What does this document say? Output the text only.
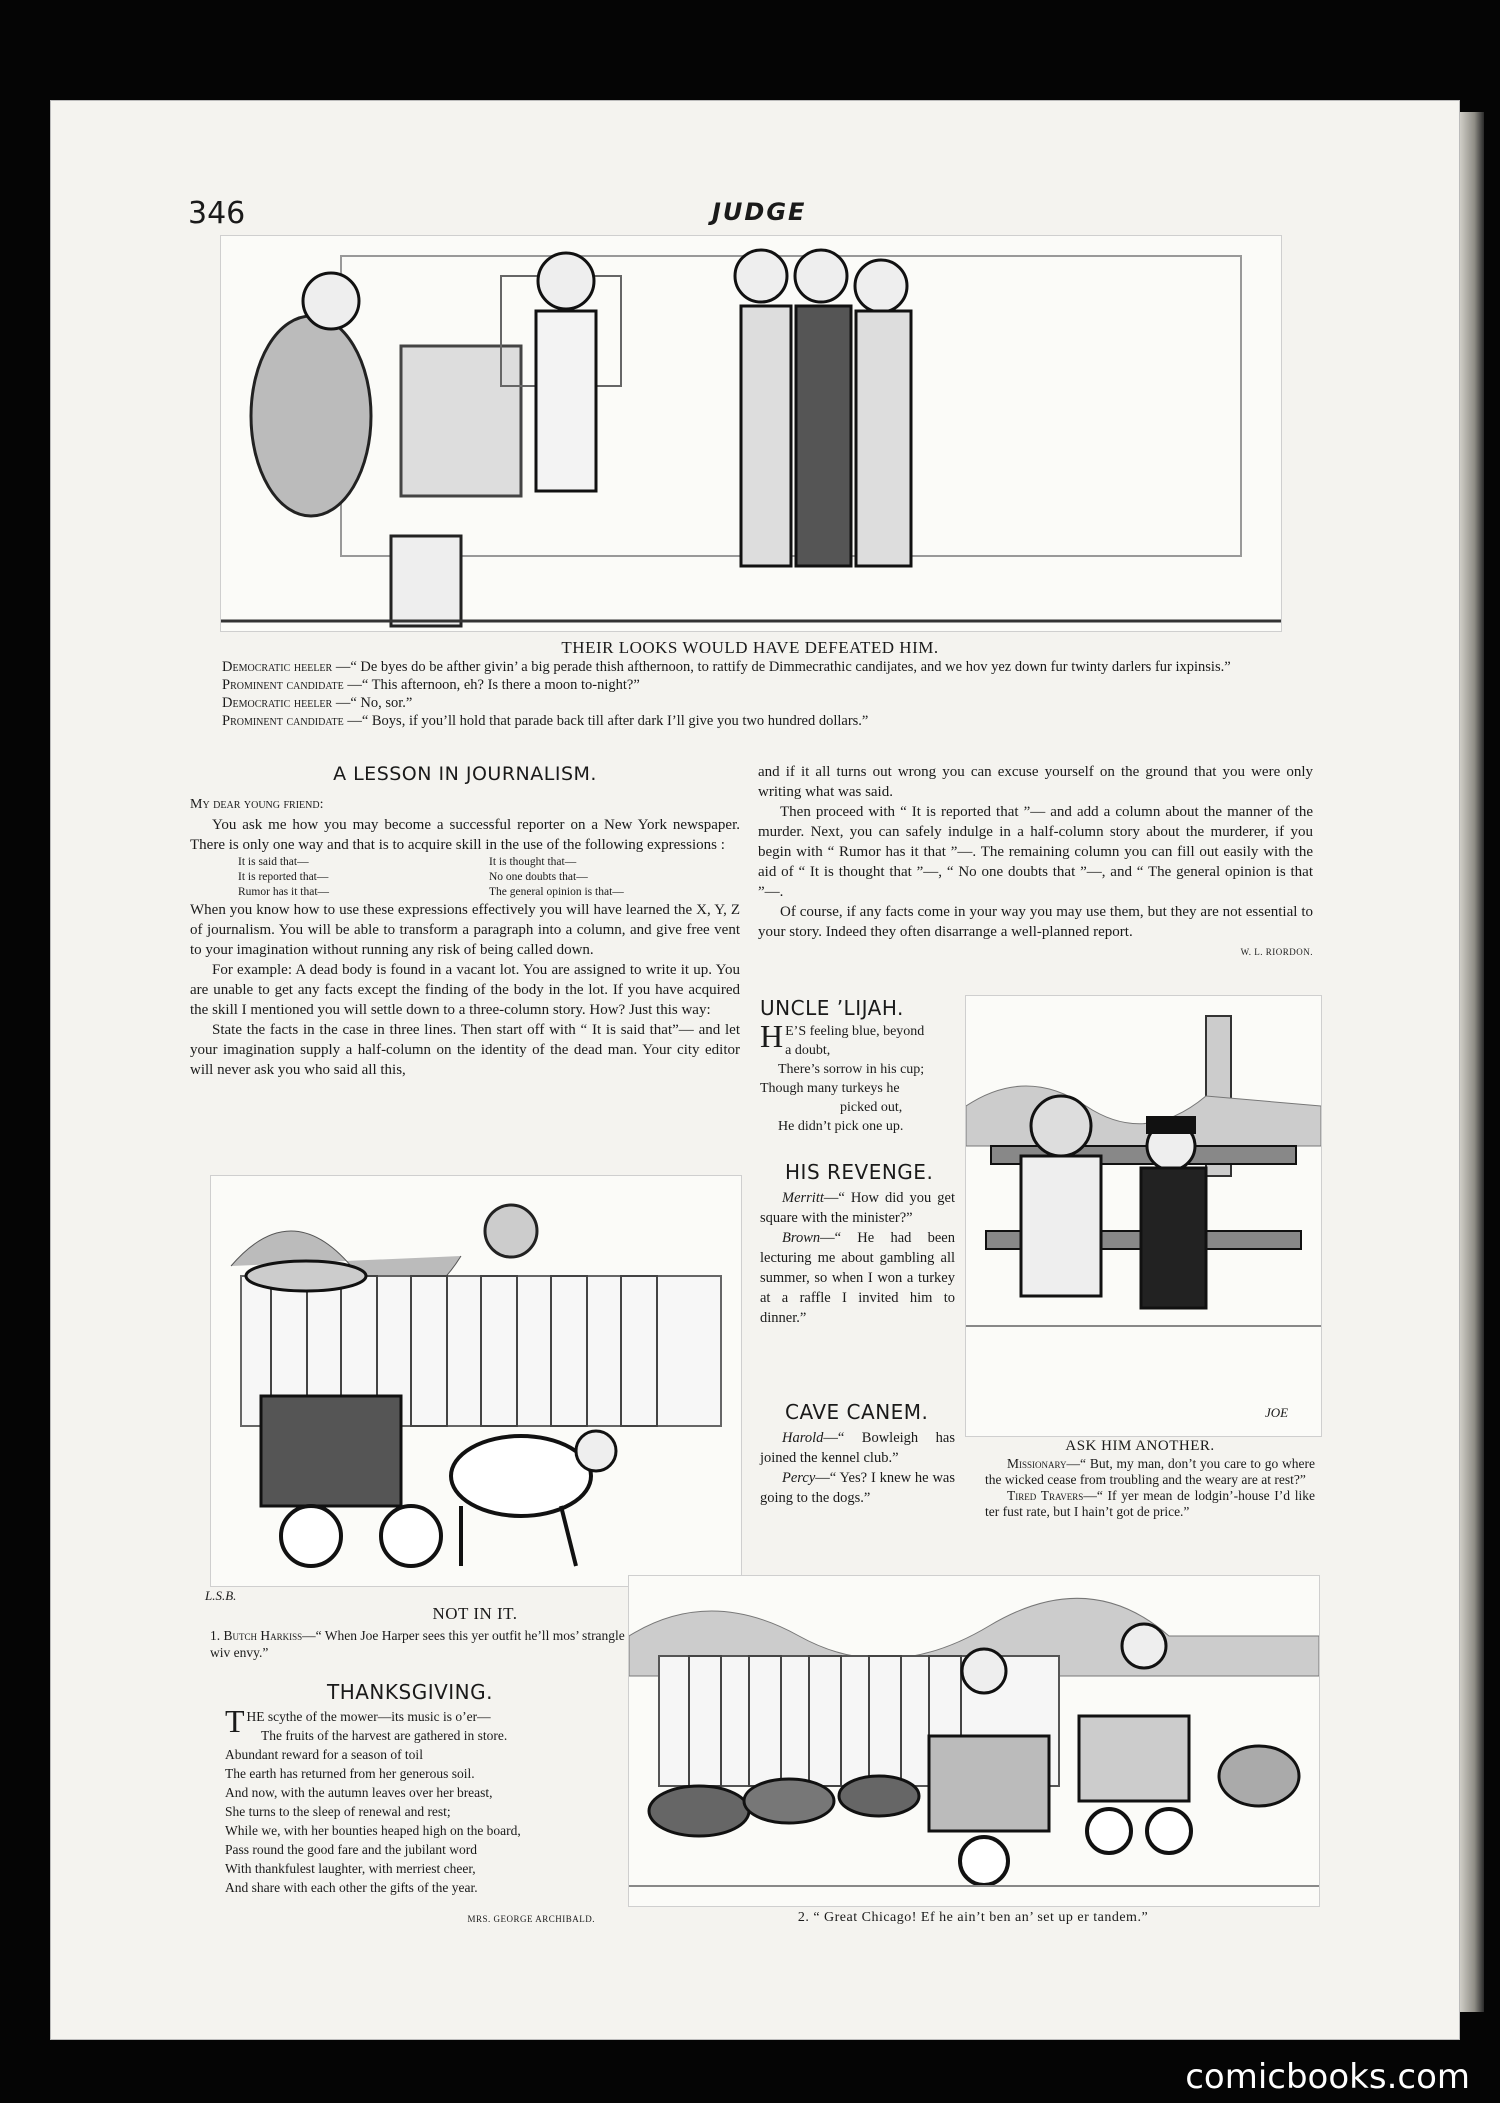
346	JUDGE
THEIR LOOKS WOULD HAVE DEFEATED HIM.

Democratic heeler —“ De byes do be afther givin’ a big perade thish afthernoon, to rattify de Dimmecrathic candijates, and we hov yez down fur twinty darlers fur ixpinsis.”

Prominent candidate —“ This afternoon, eh? Is there a moon to-night?”

Democratic heeler —“ No, sor.”

Prominent candidate —“ Boys, if you’ll hold that parade back till after dark I’ll give you two hundred dollars.”

A LESSON IN JOURNALISM.
My dear young friend:

You ask me how you may become a successful reporter on a New York newspaper. There is only one way and that is to acquire skill in the use of the following expressions :

It is said that—	It is thought that—
It is reported that—	No one doubts that—
Rumor has it that—	The general opinion is that—

When you know how to use these expressions effectively you will have learned the X, Y, Z of journalism. You will be able to transform a paragraph into a column, and give free vent to your imagination without running any risk of being called down.

For example: A dead body is found in a vacant lot. You are assigned to write it up. You are unable to get any facts except the finding of the body in the lot. If you have acquired the skill I mentioned you will settle down to a three-column story. How? Just this way:

State the facts in the case in three lines. Then start off with “ It is said that”— and let your imagination supply a half-column on the identity of the dead man. Your city editor will never ask you who said all this,

and if it all turns out wrong you can excuse yourself on the ground that you were only writing what was said.

Then proceed with “ It is reported that ”— and add a column about the manner of the murder. Next, you can safely indulge in a half-column story about the murderer, if you begin with “ Rumor has it that ”—. The remaining column you can fill out easily with the aid of “ It is thought that ”—, “ No one doubts that ”—, and “ The general opinion is that ”—.

Of course, if any facts come in your way you may use them, but they are not essential to your story. Indeed they often disarrange a well-planned report.

W. L. RIORDON.
UNCLE ’LIJAH.
H E’S feeling blue, beyond
a doubt,
There’s sorrow in his cup;
Though many turkeys he
picked out,
He didn’t pick one up.
HIS REVENGE.

Merritt—“ How did you get square with the minister?”

Brown—“ He had been lecturing me about gambling all summer, so when I won a turkey at a raffle I invited him to dinner.”

CAVE CANEM.

Harold—“ Bowleigh has joined the kennel club.”

Percy—“ Yes? I knew he was going to the dogs.”

JOE
ASK HIM ANOTHER.

Missionary—“ But, my man, don’t you care to go where the wicked cease from troubling and the weary are at rest?”

Tired Travers—“ If yer mean de lodgin’-house I’d like ter fust rate, but I hain’t got de price.”

L.S.B.
NOT IN IT.

1. Butch Harkiss—“ When Joe Harper sees this yer outfit he’ll mos’ strangle wiv envy.”

THANKSGIVING.
T HE scythe of the mower—its music is o’er—
The fruits of the harvest are gathered in store.
Abundant reward for a season of toil
The earth has returned from her generous soil.
And now, with the autumn leaves over her breast,
She turns to the sleep of renewal and rest;
While we, with her bounties heaped high on the board,
Pass round the good fare and the jubilant word
With thankfulest laughter, with merriest cheer,
And share with each other the gifts of the year.
MRS. GEORGE ARCHIBALD.	2. “ Great Chicago! Ef he ain’t ben an’ set up er tandem.”
comicbooks.com
